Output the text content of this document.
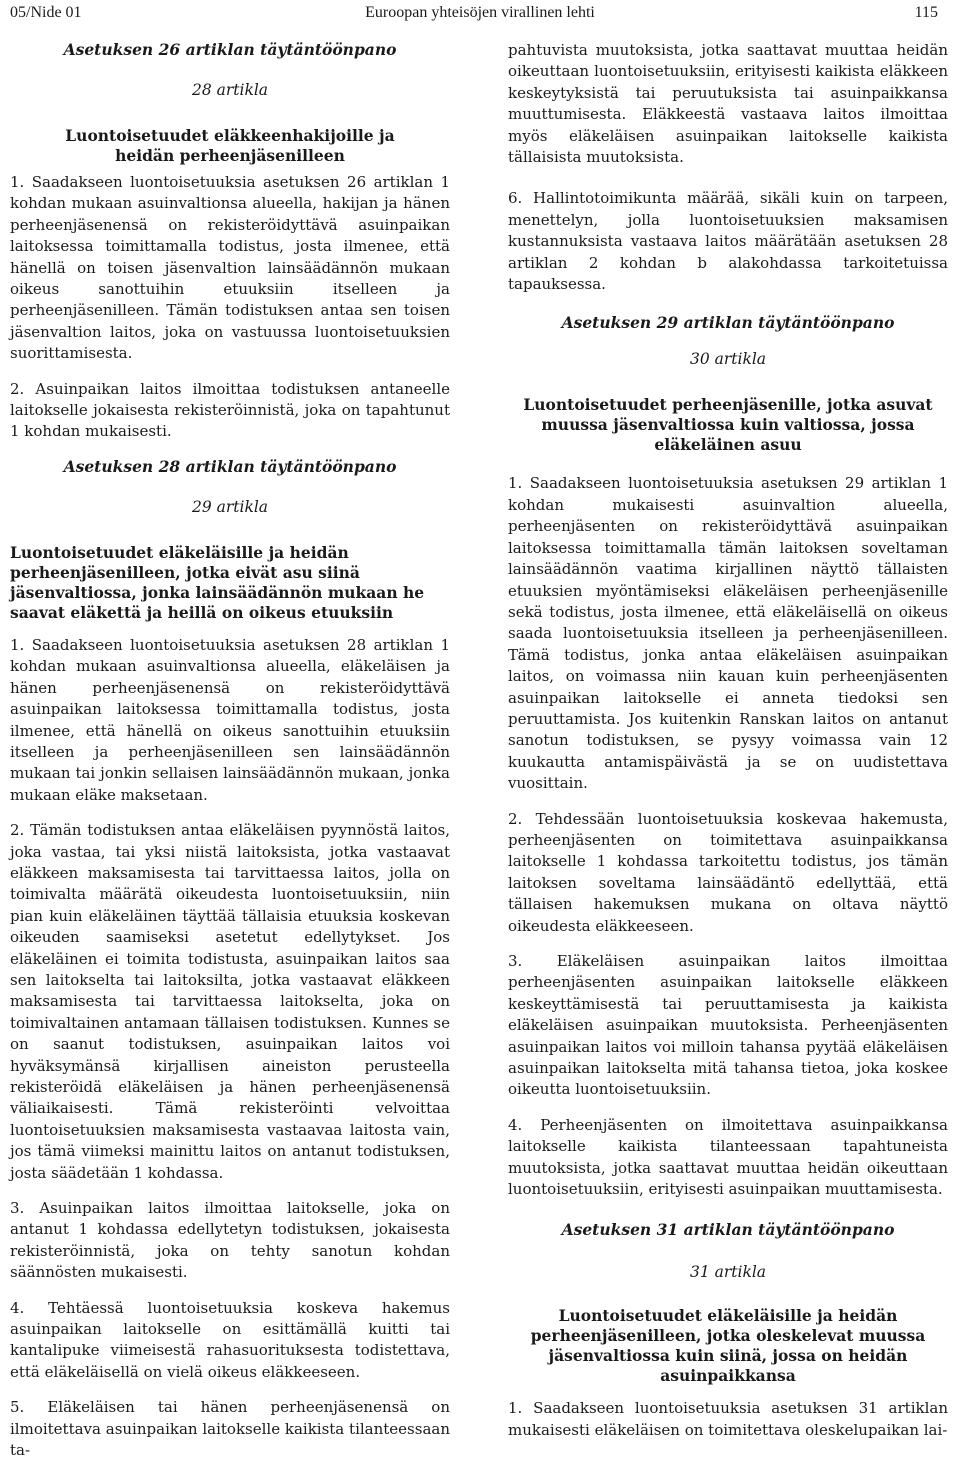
05/Nide 01	Euroopan yhteisöjen virallinen lehti	115
Asetuksen 26 artiklan täytäntöönpano
28 artikla
Luontoisetuudet eläkkeenhakijoille ja heidän perheenjäsenilleen

1. Saadakseen luontoisetuuksia asetuksen 26 artiklan 1 kohdan mukaan asuinvaltionsa alueella, hakijan ja hänen perheenjäsenensä on rekisteröidyttävä asuinpaikan laitoksessa toimittamalla todistus, josta ilmenee, että hänellä on toisen jäsenvaltion lainsäädännön mukaan oikeus sanottuihin etuuksiin itselleen ja perheenjäsenilleen. Tämän todistuksen antaa sen toisen jäsenvaltion laitos, joka on vastuussa luontoisetuuksien suorittamisesta.

2. Asuinpaikan laitos ilmoittaa todistuksen antaneelle laitokselle jokaisesta rekisteröinnistä, joka on tapahtunut 1 kohdan mukaisesti.

Asetuksen 28 artiklan täytäntöönpano
29 artikla
Luontoisetuudet eläkeläisille ja heidän perheenjäsenilleen, jotka eivät asu siinä jäsenvaltiossa, jonka lainsäädännön mukaan he saavat eläkettä ja heillä on oikeus etuuksiin

1. Saadakseen luontoisetuuksia asetuksen 28 artiklan 1 kohdan mukaan asuinvaltionsa alueella, eläkeläisen ja hänen perheenjäsenensä on rekisteröidyttävä asuinpaikan laitoksessa toimittamalla todistus, josta ilmenee, että hänellä on oikeus sanottuihin etuuksiin itselleen ja perheenjäsenilleen sen lainsäädännön mukaan tai jonkin sellaisen lainsäädännön mukaan, jonka mukaan eläke maksetaan.

2. Tämän todistuksen antaa eläkeläisen pyynnöstä laitos, joka vastaa, tai yksi niistä laitoksista, jotka vastaavat eläkkeen maksamisesta tai tarvittaessa laitos, jolla on toimivalta määrätä oikeudesta luontoisetuuksiin, niin pian kuin eläkeläinen täyttää tällaisia etuuksia koskevan oikeuden saamiseksi asetetut edellytykset. Jos eläkeläinen ei toimita todistusta, asuinpaikan laitos saa sen laitokselta tai laitoksilta, jotka vastaavat eläkkeen maksamisesta tai tarvittaessa laitokselta, joka on toimivaltainen antamaan tällaisen todistuksen. Kunnes se on saanut todistuksen, asuinpaikan laitos voi hyväksymänsä kirjallisen aineiston perusteella rekisteröidä eläkeläisen ja hänen perheenjäsenensä väliaikaisesti. Tämä rekisteröinti velvoittaa luontoisetuuksien maksamisesta vastaavaa laitosta vain, jos tämä viimeksi mainittu laitos on antanut todistuksen, josta säädetään 1 kohdassa.

3. Asuinpaikan laitos ilmoittaa laitokselle, joka on antanut 1 kohdassa edellytetyn todistuksen, jokaisesta rekisteröinnistä, joka on tehty sanotun kohdan säännösten mukaisesti.

4. Tehtäessä luontoisetuuksia koskeva hakemus asuinpaikan laitokselle on esittämällä kuitti tai kantalipuke viimeisestä rahasuorituksesta todistettava, että eläkeläisellä on vielä oikeus eläkkeeseen.

5. Eläkeläisen tai hänen perheenjäsenensä on ilmoitettava asuinpaikan laitokselle kaikista tilanteessaan ta-

pahtuvista muutoksista, jotka saattavat muuttaa heidän oikeuttaan luontoisetuuksiin, erityisesti kaikista eläkkeen keskeytyksistä tai peruutuksista tai asuinpaikkansa muuttumisesta. Eläkkeestä vastaava laitos ilmoittaa myös eläkeläisen asuinpaikan laitokselle kaikista tällaisista muutoksista.

6. Hallintotoimikunta määrää, sikäli kuin on tarpeen, menettelyn, jolla luontoisetuuksien maksamisen kustannuksista vastaava laitos määrätään asetuksen 28 artiklan 2 kohdan b alakohdassa tarkoitetuissa tapauksessa.

Asetuksen 29 artiklan täytäntöönpano
30 artikla
Luontoisetuudet perheenjäsenille, jotka asuvat muussa jäsenvaltiossa kuin valtiossa, jossa eläkeläinen asuu

1. Saadakseen luontoisetuuksia asetuksen 29 artiklan 1 kohdan mukaisesti asuinvaltion alueella, perheenjäsenten on rekisteröidyttävä asuinpaikan laitoksessa toimittamalla tämän laitoksen soveltaman lainsäädännön vaatima kirjallinen näyttö tällaisten etuuksien myöntämiseksi eläkeläisen perheenjäsenille sekä todistus, josta ilmenee, että eläkeläisellä on oikeus saada luontoisetuuksia itselleen ja perheenjäsenilleen. Tämä todistus, jonka antaa eläkeläisen asuinpaikan laitos, on voimassa niin kauan kuin perheenjäsenten asuinpaikan laitokselle ei anneta tiedoksi sen peruuttamista. Jos kuitenkin Ranskan laitos on antanut sanotun todistuksen, se pysyy voimassa vain 12 kuukautta antamispäivästä ja se on uudistettava vuosittain.

2. Tehdessään luontoisetuuksia koskevaa hakemusta, perheenjäsenten on toimitettava asuinpaikkansa laitokselle 1 kohdassa tarkoitettu todistus, jos tämän laitoksen soveltama lainsäädäntö edellyttää, että tällaisen hakemuksen mukana on oltava näyttö oikeudesta eläkkeeseen.

3. Eläkeläisen asuinpaikan laitos ilmoittaa perheenjäsenten asuinpaikan laitokselle eläkkeen keskeyttämisestä tai peruuttamisesta ja kaikista eläkeläisen asuinpaikan muutoksista. Perheenjäsenten asuinpaikan laitos voi milloin tahansa pyytää eläkeläisen asuinpaikan laitokselta mitä tahansa tietoa, joka koskee oikeutta luontoisetuuksiin.

4. Perheenjäsenten on ilmoitettava asuinpaikkansa laitokselle kaikista tilanteessaan tapahtuneista muutoksista, jotka saattavat muuttaa heidän oikeuttaan luontoisetuuksiin, erityisesti asuinpaikan muuttamisesta.

Asetuksen 31 artiklan täytäntöönpano
31 artikla
Luontoisetuudet eläkeläisille ja heidän perheenjäsenilleen, jotka oleskelevat muussa jäsenvaltiossa kuin siinä, jossa on heidän asuinpaikkansa

1. Saadakseen luontoisetuuksia asetuksen 31 artiklan mukaisesti eläkeläisen on toimitettava oleskelupaikan lai-
